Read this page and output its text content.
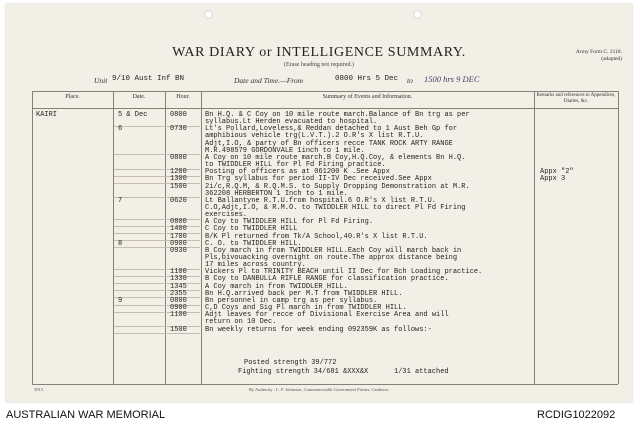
WAR DIARY or INTELLIGENCE SUMMARY.
(Erase heading not required.)
Army Form C. 2118.
(adapted)
Unit 9/10 Aust Inf BN	Date and Time.—From	0800 Hrs 5 Dec to 1500 hrs 9 DEC
Place.	Date.	Hour.	Summary of Events and Information.	Remarks and references to Appendices, Diaries, &c.
KAIRI	5 & Dec	0800	Bn H.Q. & C Coy on 10 mile route march.Balance of Bn trg as per
syllabus.Lt Herden evacuated to hospital.
6	0730	Lt's Pollard,Loveless,& Reddan detached to 1 Aust Beh Gp for
amphibious vehicle trg(L.V.T.).2 O.R's X list R.T.U.
Adjt,I.O, & party of Bn officers recce TANK ROCK ARTY RANGE
M.R.498579 GORDONVALE 1inch to 1 mile.
0800	A Coy on 10 mile route march.B Coy,H.Q.Coy, & elements Bn H.Q.
to TWIDDLER HILL for Pl Fd Firing practice.
1200	Posting of officers as at 061200 K .See Appx	Appx "2"
1300	Bn Trg syllabus for period II-IV Dec received.See Appx	Appx 3
1500	2i/c,R.Q.M, & R.Q.M.S. to Supply Dropping Demonstration at M.R.
362208 HERBERTON 1 Inch to 1 mile.
7	0620	Lt Ballantyne R.T.U.from hospital.6 O.R's X list R.T.U.
C.O,Adjt,I.O, & R.M.O. to TWIDDLER HILL to direct Pl Fd Firing
exercises.
0800	A Coy to TWIDDLER HILL for Pl Fd Firing.
1400	C Coy to TWIDDLER HILL
1700	B/K Pl returned from Tk/A School,40.R's X list R.T.U.
8	0900	C. O. to TWIDDLER HILL.
0930	B Coy march in from TWIDDLER HILL.Each Coy will march back in
Pls,bivouacking overnight on route.The approx distance being
17 miles across country.
1100	Vickers Pl to TRINITY BEACH until II Dec for Bch Loading practice.
1330	B Coy to DANBULLA RIFLE RANGE for classification practice.
1345	A Coy march in from TWIDDLER HILL.
2355	Bn H.Q.arrived back per M.T from TWIDDLER HILL.
9	0800	Bn personnel in camp trg as per syllabus.
0900	C,D Coys and Sig Pl march in from TWIDDLER HILL.
1100	Adjt leaves for recce of Divisional Exercise Area and will
return on 10 Dec.
1500	Bn weekly returns for week ending 092359K as follows:-
Posted strength 39/772
Fighting strength 34/681 &XXX&X	1/31 attached
3915.	By Authority : L. F. Johnston, Commonwealth Government Printer, Canberra.
AUSTRALIAN WAR MEMORIAL	RCDIG1022092
